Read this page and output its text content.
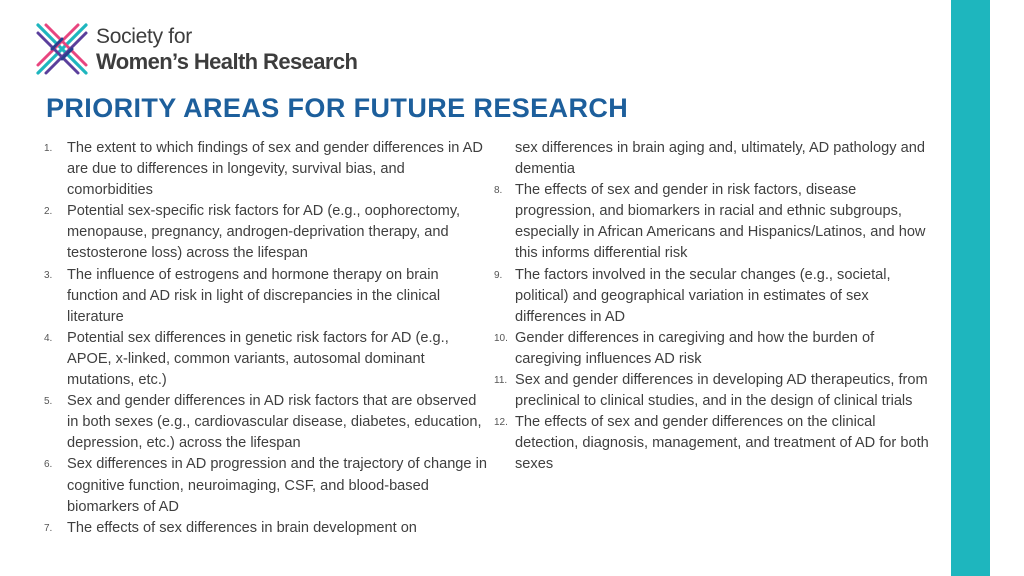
Society for
Women’s Health Research
PRIORITY AREAS FOR FUTURE RESEARCH
1.	The extent to which findings of sex and gender differences in AD are due to differences in longevity, survival bias, and comorbidities
2.	Potential sex-specific risk factors for AD (e.g., oophorectomy, menopause, pregnancy, androgen-deprivation therapy, and testosterone loss) across the lifespan
3.	The influence of estrogens and hormone therapy on brain function and AD risk in light of discrepancies in the clinical literature
4.	Potential sex differences in genetic risk factors for AD (e.g., APOE, x-linked, common variants, autosomal dominant mutations, etc.)
5.	Sex and gender differences in AD risk factors that are observed in both sexes (e.g., cardiovascular disease, diabetes, education, depression, etc.) across the lifespan
6.	Sex differences in AD progression and the trajectory of change in cognitive function, neuroimaging, CSF, and blood-based biomarkers of AD
7.	The effects of sex differences in brain development on
sex differences in brain aging and, ultimately, AD pathology and dementia
8. The effects of sex and gender in risk factors, disease progression, and biomarkers in racial and ethnic subgroups, especially in African Americans and Hispanics/Latinos, and how this informs differential risk
9. The factors involved in the secular changes (e.g., societal, political) and geographical variation in estimates of sex differences in AD
10. Gender differences in caregiving and how the burden of caregiving influences AD risk
11. Sex and gender differences in developing AD therapeutics, from preclinical to clinical studies, and in the design of clinical trials
12. The effects of sex and gender differences on the clinical detection, diagnosis, management, and treatment of AD for both sexes
